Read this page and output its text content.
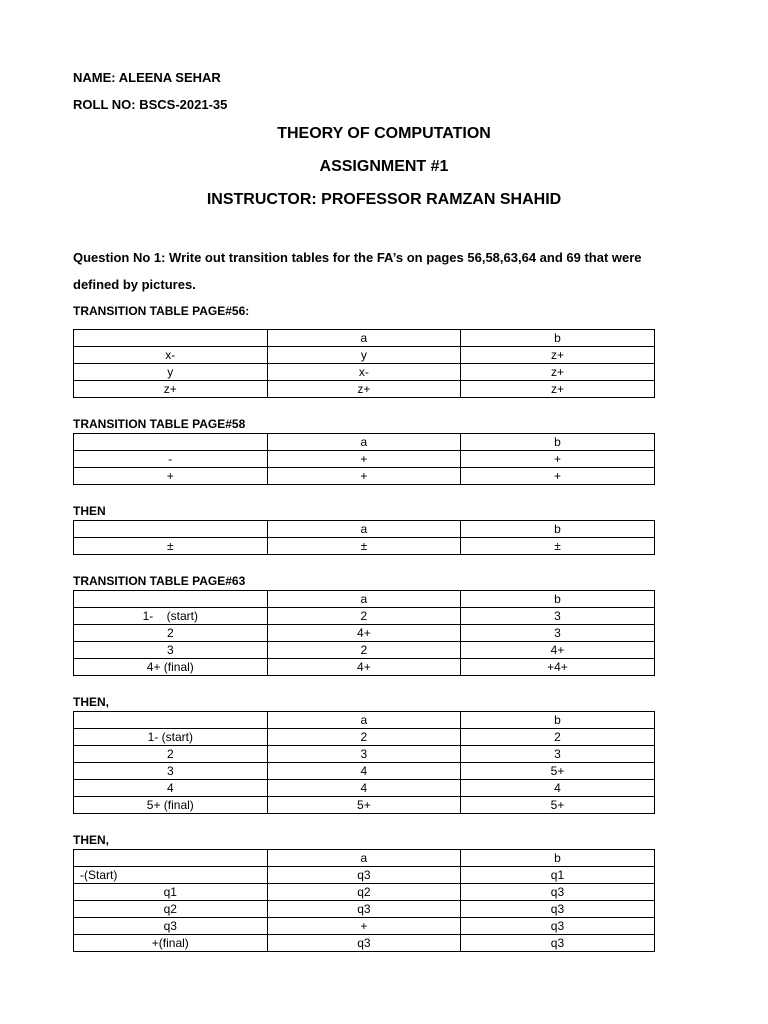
NAME: ALEENA SEHAR
ROLL NO: BSCS-2021-35
THEORY OF COMPUTATION
ASSIGNMENT #1
INSTRUCTOR: PROFESSOR RAMZAN SHAHID
Question No 1: Write out transition tables for the FA’s on pages 56,58,63,64 and 69 that were
defined by pictures.
TRANSITION TABLE PAGE#56:
	a	b
x-	y	z+
y	x-	z+
z+	z+	z+
TRANSITION TABLE PAGE#58
	a	b
-	+	+
+	+	+
THEN
	a	b
±	±	±
TRANSITION TABLE PAGE#63
	a	b
1-    (start)	2	3
2	4+	3
3	2	4+
4+ (final)	4+	+4+
THEN,
	a	b
1- (start)	2	2
2	3	3
3	4	5+
4	4	4
5+ (final)	5+	5+
THEN,
	a	b
-(Start)	q3	q1
q1	q2	q3
q2	q3	q3
q3	+	q3
+(final)	q3	q3
